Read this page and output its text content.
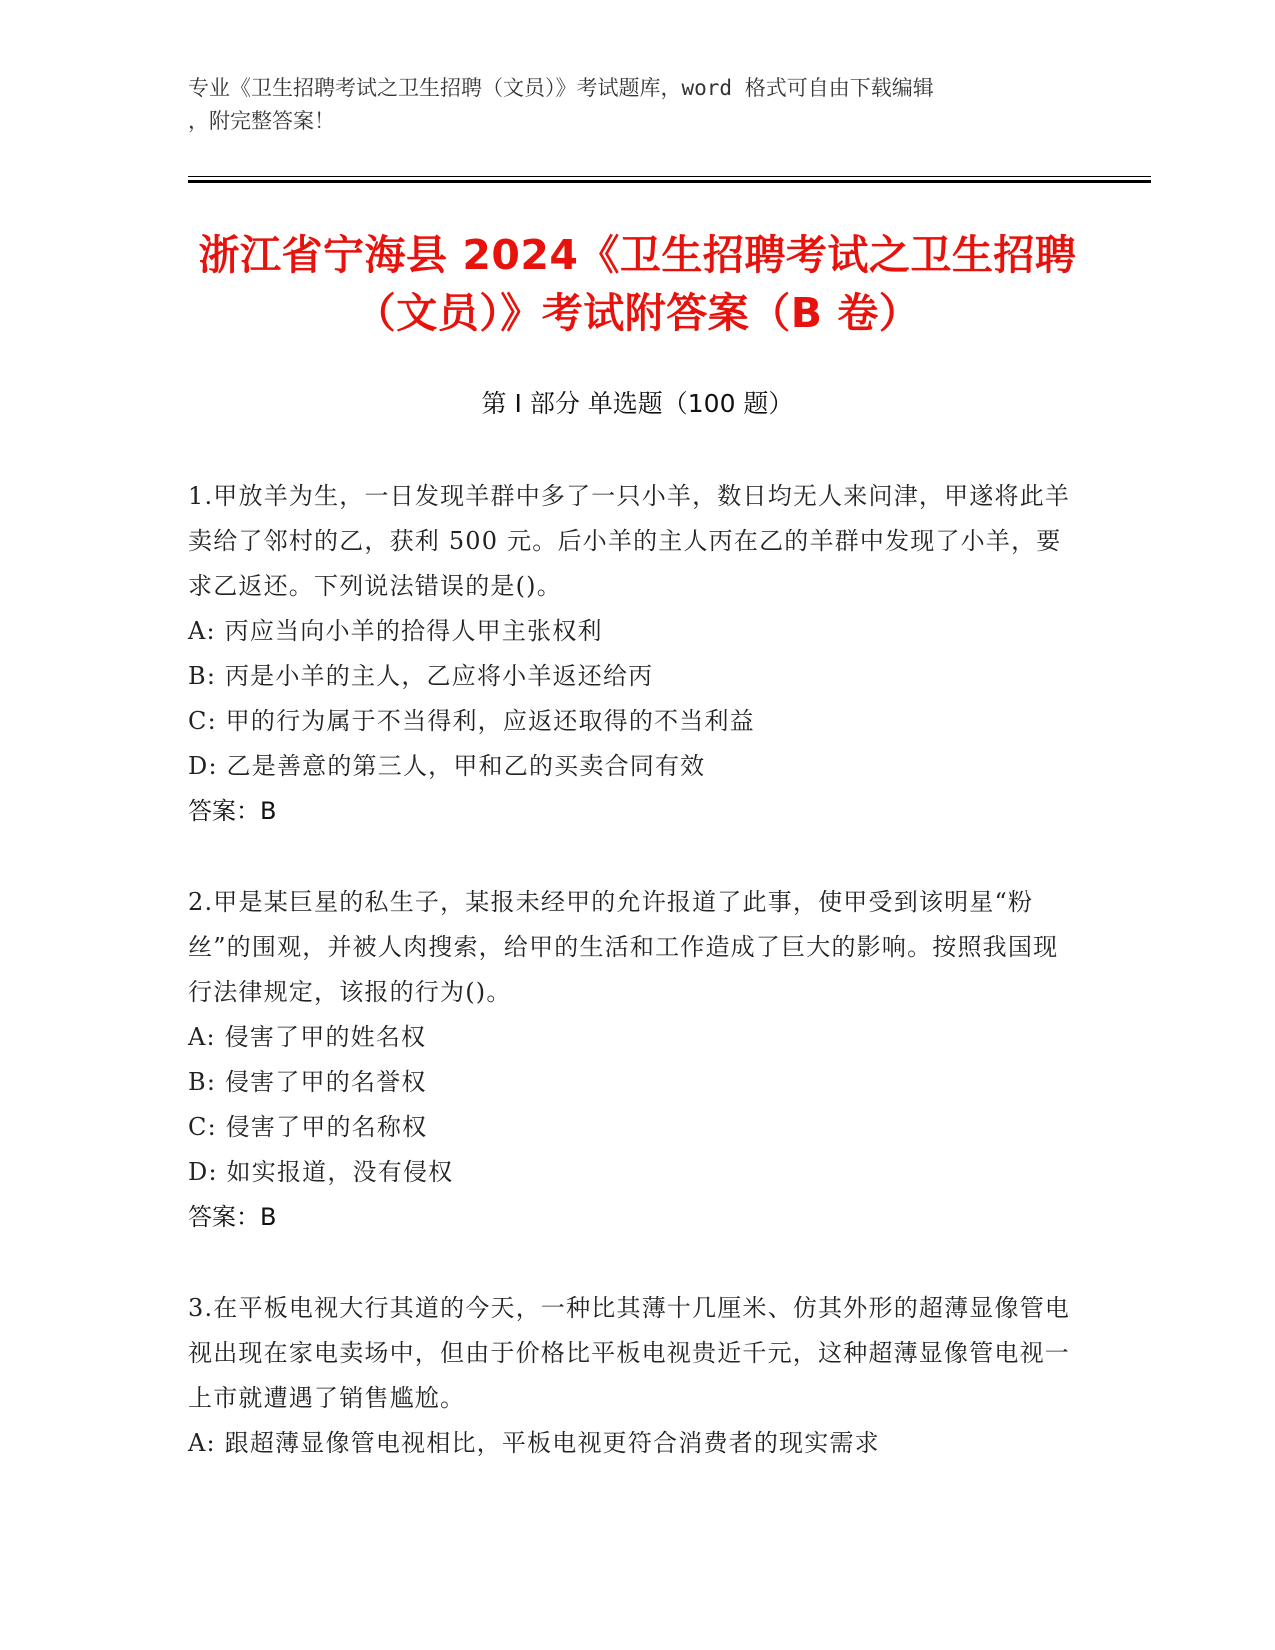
专业《卫生招聘考试之卫生招聘（文员）》考试题库，word 格式可自由下载编辑
，附完整答案！
浙江省宁海县 2024《卫生招聘考试之卫生招聘（文员）》考试附答案（B 卷）
第 I 部分 单选题（100 题）
1.甲放羊为生，一日发现羊群中多了一只小羊，数日均无人来问津，甲遂将此羊卖给了邻村的乙，获利 500 元。后小羊的主人丙在乙的羊群中发现了小羊，要求乙返还。下列说法错误的是()。
A: 丙应当向小羊的拾得人甲主张权利
B: 丙是小羊的主人，乙应将小羊返还给丙
C: 甲的行为属于不当得利，应返还取得的不当利益
D: 乙是善意的第三人，甲和乙的买卖合同有效
答案：B
2.甲是某巨星的私生子，某报未经甲的允许报道了此事，使甲受到该明星“粉丝”的围观，并被人肉搜索，给甲的生活和工作造成了巨大的影响。按照我国现行法律规定，该报的行为()。
A: 侵害了甲的姓名权
B: 侵害了甲的名誉权
C: 侵害了甲的名称权
D: 如实报道，没有侵权
答案：B
3.在平板电视大行其道的今天，一种比其薄十几厘米、仿其外形的超薄显像管电视出现在家电卖场中，但由于价格比平板电视贵近千元，这种超薄显像管电视一上市就遭遇了销售尴尬。
A: 跟超薄显像管电视相比，平板电视更符合消费者的现实需求
